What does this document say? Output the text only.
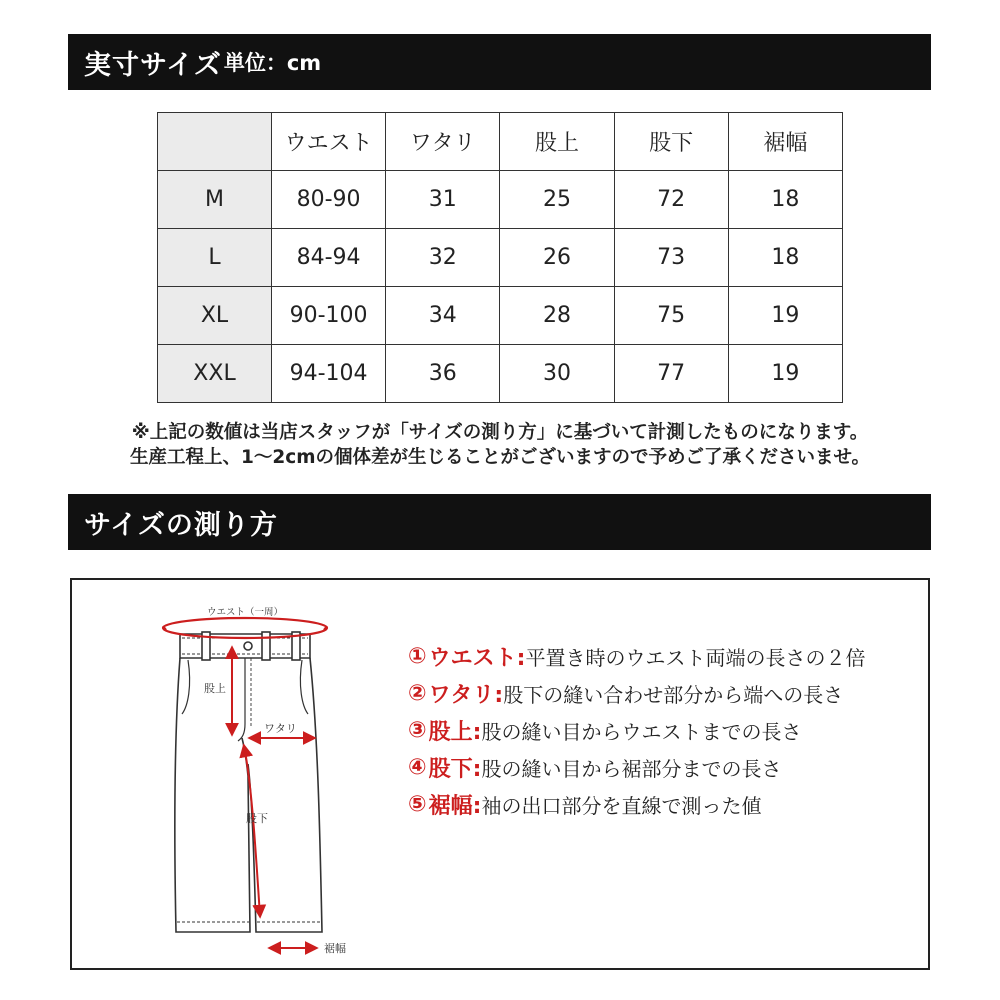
実寸サイズ 単位：cm
	ウエスト	ワタリ	股上	股下	裾幅
M	80-90	31	25	72	18
L	84-94	32	26	73	18
XL	90-100	34	28	75	19
XXL	94-104	36	30	77	19
※上記の数値は当店スタッフが「サイズの測り方」に基づいて計測したものになります。
生産工程上、1〜2cmの個体差が生じることがございますので予めご了承くださいませ。
サイズの測り方
ウエスト（一周）
股上
ワタリ
股下
裾幅
① ウエスト: 平置き時のウエスト両端の長さの２倍
② ワタリ: 股下の縫い合わせ部分から端への長さ
③ 股上: 股の縫い目からウエストまでの長さ
④ 股下: 股の縫い目から裾部分までの長さ
⑤ 裾幅: 袖の出口部分を直線で測った値
